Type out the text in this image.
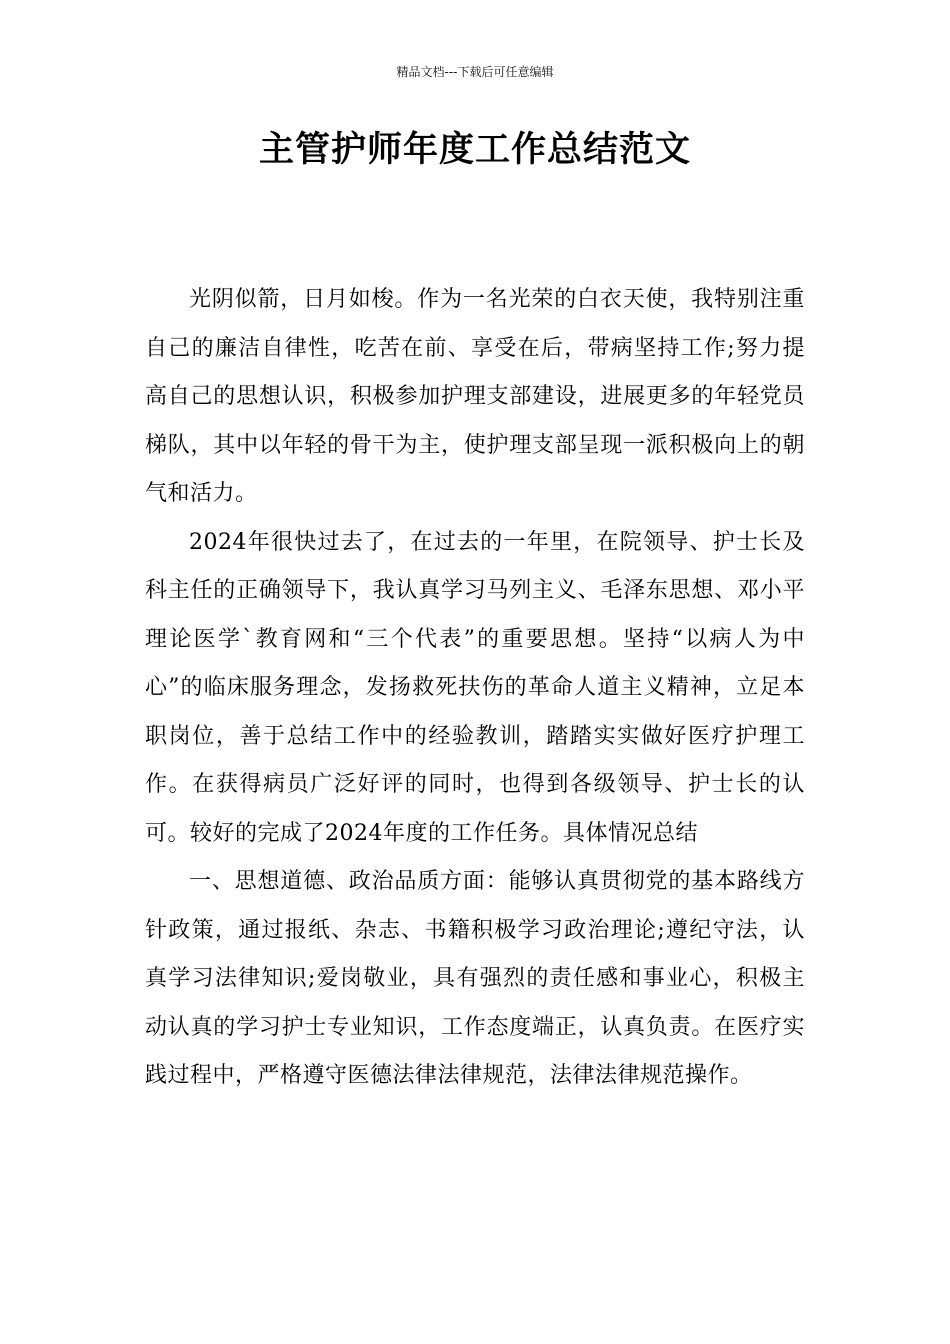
精品文档---下载后可任意编辑
主管护师年度工作总结范文

光阴似箭，日月如梭。作为一名光荣的白衣天使，我特别注重自己的廉洁自律性，吃苦在前、享受在后，带病坚持工作;努力提高自己的思想认识，积极参加护理支部建设，进展更多的年轻党员梯队，其中以年轻的骨干为主，使护理支部呈现一派积极向上的朝气和活力。

2024年很快过去了，在过去的一年里，在院领导、护士长及科主任的正确领导下，我认真学习马列主义、毛泽东思想、邓小平理论医学`教育网和“三个代表”的重要思想。坚持“以病人为中心”的临床服务理念，发扬救死扶伤的革命人道主义精神，立足本职岗位，善于总结工作中的经验教训，踏踏实实做好医疗护理工作。在获得病员广泛好评的同时，也得到各级领导、护士长的认可。较好的完成了2024年度的工作任务。具体情况总结

一、思想道德、政治品质方面：能够认真贯彻党的基本路线方针政策，通过报纸、杂志、书籍积极学习政治理论;遵纪守法，认真学习法律知识;爱岗敬业，具有强烈的责任感和事业心，积极主动认真的学习护士专业知识，工作态度端正，认真负责。在医疗实践过程中，严格遵守医德法律法律规范，法律法律规范操作。
